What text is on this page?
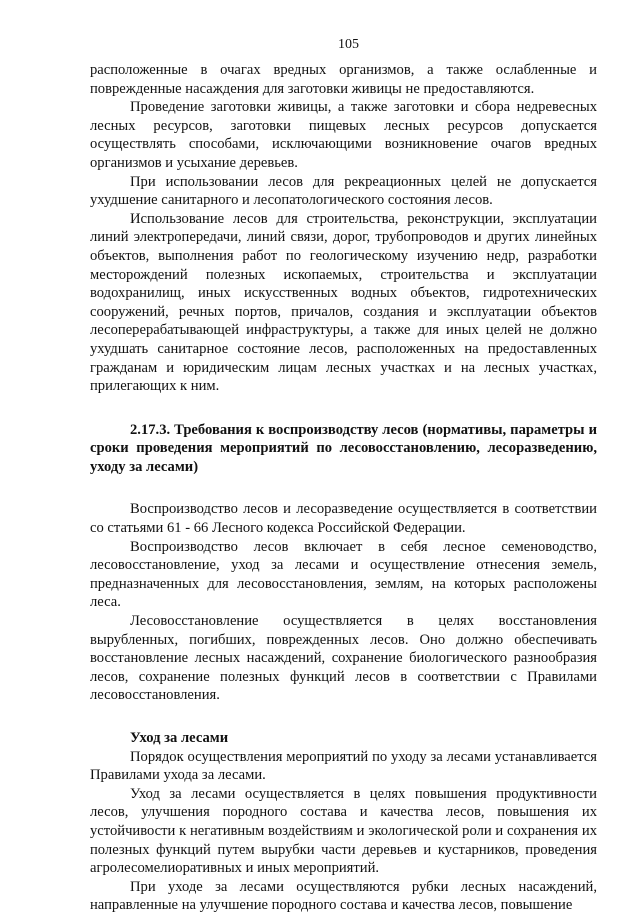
105

расположенные в очагах вредных организмов, а также ослабленные и поврежденные насаждения для заготовки живицы не предоставляются.

Проведение заготовки живицы, а также заготовки и сбора недревесных лесных ресурсов, заготовки пищевых лесных ресурсов допускается осуществлять способами, исключающими возникновение очагов вредных организмов и усыхание деревьев.

При использовании лесов для рекреационных целей не допускается ухудшение санитарного и лесопатологического состояния лесов.

Использование лесов для строительства, реконструкции, эксплуатации линий электропередачи, линий связи, дорог, трубопроводов и других линейных объектов, выполнения работ по геологическому изучению недр, разработки месторождений полезных ископаемых, строительства и эксплуатации водохранилищ, иных искусственных водных объектов, гидротехнических сооружений, речных портов, причалов, создания и эксплуатации объектов лесоперерабатывающей инфраструктуры, а также для иных целей не должно ухудшать санитарное состояние лесов, расположенных на предоставленных гражданам и юридическим лицам лесных участках и на лесных участках, прилегающих к ним.

2.17.3. Требования к воспроизводству лесов (нормативы, параметры и сроки проведения мероприятий по лесовосстановлению, лесоразведению, уходу за лесами)

Воспроизводство лесов и лесоразведение осуществляется в соответствии со статьями 61 - 66 Лесного кодекса Российской Федерации.

Воспроизводство лесов включает в себя лесное семеноводство, лесовосстановление, уход за лесами и осуществление отнесения земель, предназначенных для лесовосстановления, землям, на которых расположены леса.

Лесовосстановление осуществляется в целях восстановления вырубленных, погибших, поврежденных лесов. Оно должно обеспечивать восстановление лесных насаждений, сохранение биологического разнообразия лесов, сохранение полезных функций лесов в соответствии с Правилами лесовосстановления.

Уход за лесами

Порядок осуществления мероприятий по уходу за лесами устанавливается Правилами ухода за лесами.

Уход за лесами осуществляется в целях повышения продуктивности лесов, улучшения породного состава и качества лесов, повышения их устойчивости к негативным воздействиям и экологической роли и сохранения их полезных функций путем вырубки части деревьев и кустарников, проведения агролесомелиоративных и иных мероприятий.

При уходе за лесами осуществляются рубки лесных насаждений, направленные на улучшение породного состава и качества лесов, повышение
